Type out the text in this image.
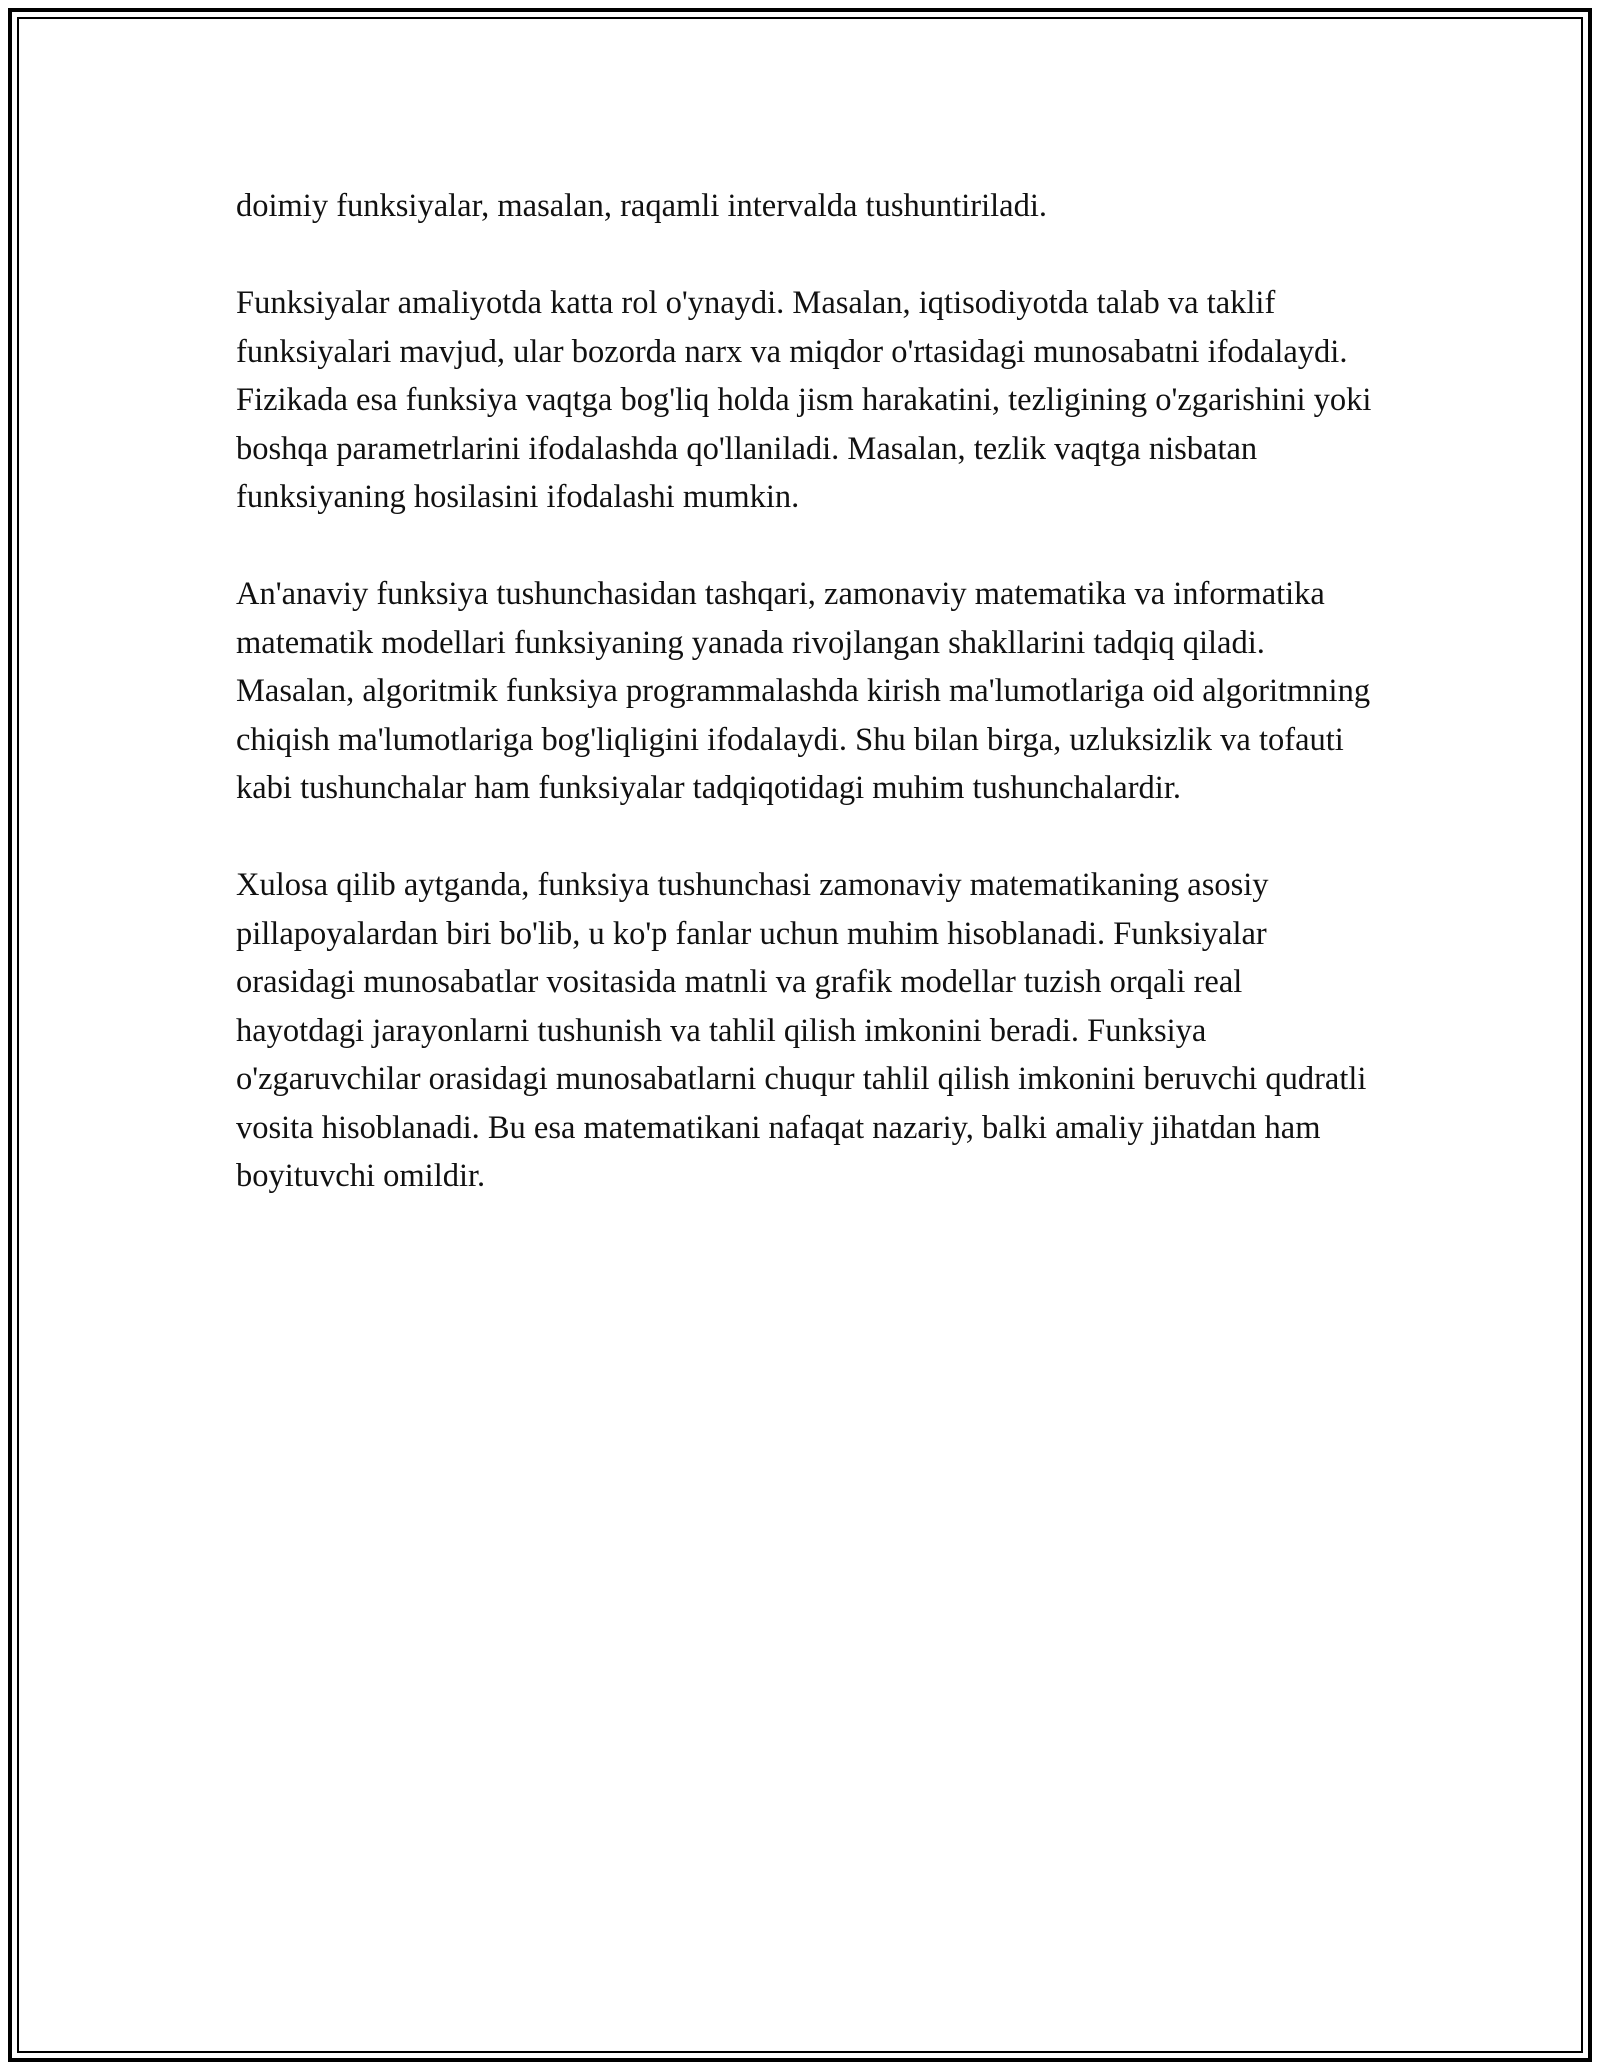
doimiy funksiyalar, masalan, raqamli intervalda tushuntiriladi.

Funksiyalar amaliyotda katta rol o'ynaydi. Masalan, iqtisodiyotda talab va taklif funksiyalari mavjud, ular bozorda narx va miqdor o'rtasidagi munosabatni ifodalaydi. Fizikada esa funksiya vaqtga bog'liq holda jism harakatini, tezligining o'zgarishini yoki boshqa parametrlarini ifodalashda qo'llaniladi. Masalan, tezlik vaqtga nisbatan funksiyaning hosilasini ifodalashi mumkin.

An'anaviy funksiya tushunchasidan tashqari, zamonaviy matematika va informatika matematik modellari funksiyaning yanada rivojlangan shakllarini tadqiq qiladi. Masalan, algoritmik funksiya programmalashda kirish ma'lumotlariga oid algoritmning chiqish ma'lumotlariga bog'liqligini ifodalaydi. Shu bilan birga, uzluksizlik va tofauti kabi tushunchalar ham funksiyalar tadqiqotidagi muhim tushunchalardir.

Xulosa qilib aytganda, funksiya tushunchasi zamonaviy matematikaning asosiy pillapoyalardan biri bo'lib, u ko'p fanlar uchun muhim hisoblanadi. Funksiyalar orasidagi munosabatlar vositasida matnli va grafik modellar tuzish orqali real hayotdagi jarayonlarni tushunish va tahlil qilish imkonini beradi. Funksiya o'zgaruvchilar orasidagi munosabatlarni chuqur tahlil qilish imkonini beruvchi qudratli vosita hisoblanadi. Bu esa matematikani nafaqat nazariy, balki amaliy jihatdan ham boyituvchi omildir.
